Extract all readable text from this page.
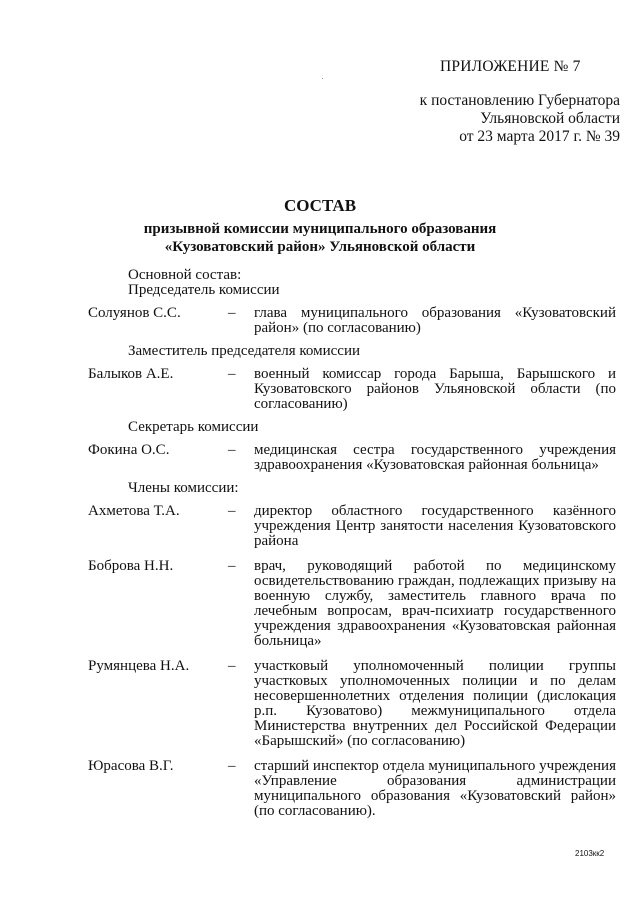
ПРИЛОЖЕНИЕ № 7
к постановлению Губернатора
Ульяновской области
от 23 марта 2017 г. № 39
СОСТАВ
призывной комиссии муниципального образования
«Кузоватовский район» Ульяновской области
Основной состав:
Председатель комиссии
Солуянов С.С.	–	глава муниципального образования «Кузоватовский район» (по согласованию)
Заместитель председателя комиссии
Балыков А.Е.	–	военный комиссар города Барыша, Барышского и Кузоватовского районов Ульяновской области (по согласованию)
Секретарь комиссии
Фокина О.С.	–	медицинская сестра государственного учреждения здравоохранения «Кузоватовская районная больница»
Члены комиссии:
Ахметова Т.А.	–	директор областного государственного казённого учреждения Центр занятости населения Кузоватовского района
Боброва Н.Н.	–	врач, руководящий работой по медицинскому освидетельствованию граждан, подлежащих призыву на военную службу, заместитель главного врача по лечебным вопросам, врач-психиатр государственного учреждения здравоохранения «Кузоватовская районная больница»
Румянцева Н.А.	–	участковый уполномоченный полиции группы участковых уполномоченных полиции и по делам несовершеннолетних отделения полиции (дислокация р.п. Кузоватово) межмуниципального отдела Министерства внутренних дел Российской Федерации «Барышский» (по согласованию)
Юрасова В.Г.	–	старший инспектор отдела муниципального учреждения «Управление образования администрации муниципального образования «Кузоватовский район» (по согласованию).
2103кк2
